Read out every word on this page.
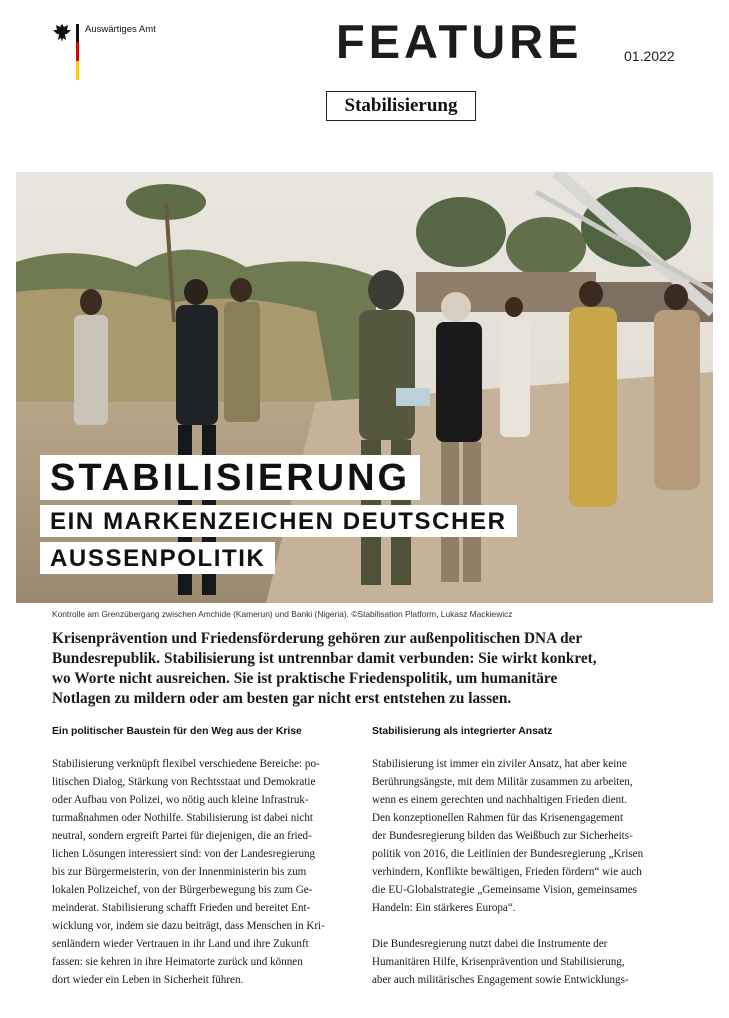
Auswärtiges Amt	FEATURE	01.2022
Stabilisierung
STABILISIERUNG
EIN MARKENZEICHEN DEUTSCHER
AUSSENPOLITIK
Kontrolle am Grenzübergang zwischen Amchide (Kamerun) und Banki (Nigeria). ©Stabilisation Platform, Lukasz Mackiewicz

Krisenprävention und Friedensförderung gehören zur außenpolitischen DNA der

Bundesrepublik. Stabilisierung ist untrennbar damit verbunden: Sie wirkt konkret,

wo Worte nicht ausreichen. Sie ist praktische Friedenspolitik, um humanitäre

Notlagen zu mildern oder am besten gar nicht erst entstehen zu lassen.

Ein politischer Baustein für den Weg aus der Krise	Stabilisierung als integrierter Ansatz

Stabilisierung verknüpft flexibel verschiedene Bereiche: po-

litischen Dialog, Stärkung von Rechtsstaat und Demokratie

oder Aufbau von Polizei, wo nötig auch kleine Infrastruk-

turmaßnahmen oder Nothilfe. Stabilisierung ist dabei nicht

neutral, sondern ergreift Partei für diejenigen, die an fried-

lichen Lösungen interessiert sind: von der Landesregierung

bis zur Bürgermeisterin, von der Innenministerin bis zum

lokalen Polizeichef, von der Bürgerbewegung bis zum Ge-

meinderat. Stabilisierung schafft Frieden und bereitet Ent-

wicklung vor, indem sie dazu beiträgt, dass Menschen in Kri-

senländern wieder Vertrauen in ihr Land und ihre Zukunft

fassen: sie kehren in ihre Heimatorte zurück und können

dort wieder ein Leben in Sicherheit führen.

Stabilisierung ist immer ein ziviler Ansatz, hat aber keine

Berührungsängste, mit dem Militär zusammen zu arbeiten,

wenn es einem gerechten und nachhaltigen Frieden dient.

Den konzeptionellen Rahmen für das Krisenengagement

der Bundesregierung bilden das Weißbuch zur Sicherheits-

politik von 2016, die Leitlinien der Bundesregierung „Krisen

verhindern, Konflikte bewältigen, Frieden fördern“ wie auch

die EU-Globalstrategie „Gemeinsame Vision, gemeinsames

Handeln: Ein stärkeres Europa“.

Die Bundesregierung nutzt dabei die Instrumente der

Humanitären Hilfe, Krisenprävention und Stabilisierung,

aber auch militärisches Engagement sowie Entwicklungs-
